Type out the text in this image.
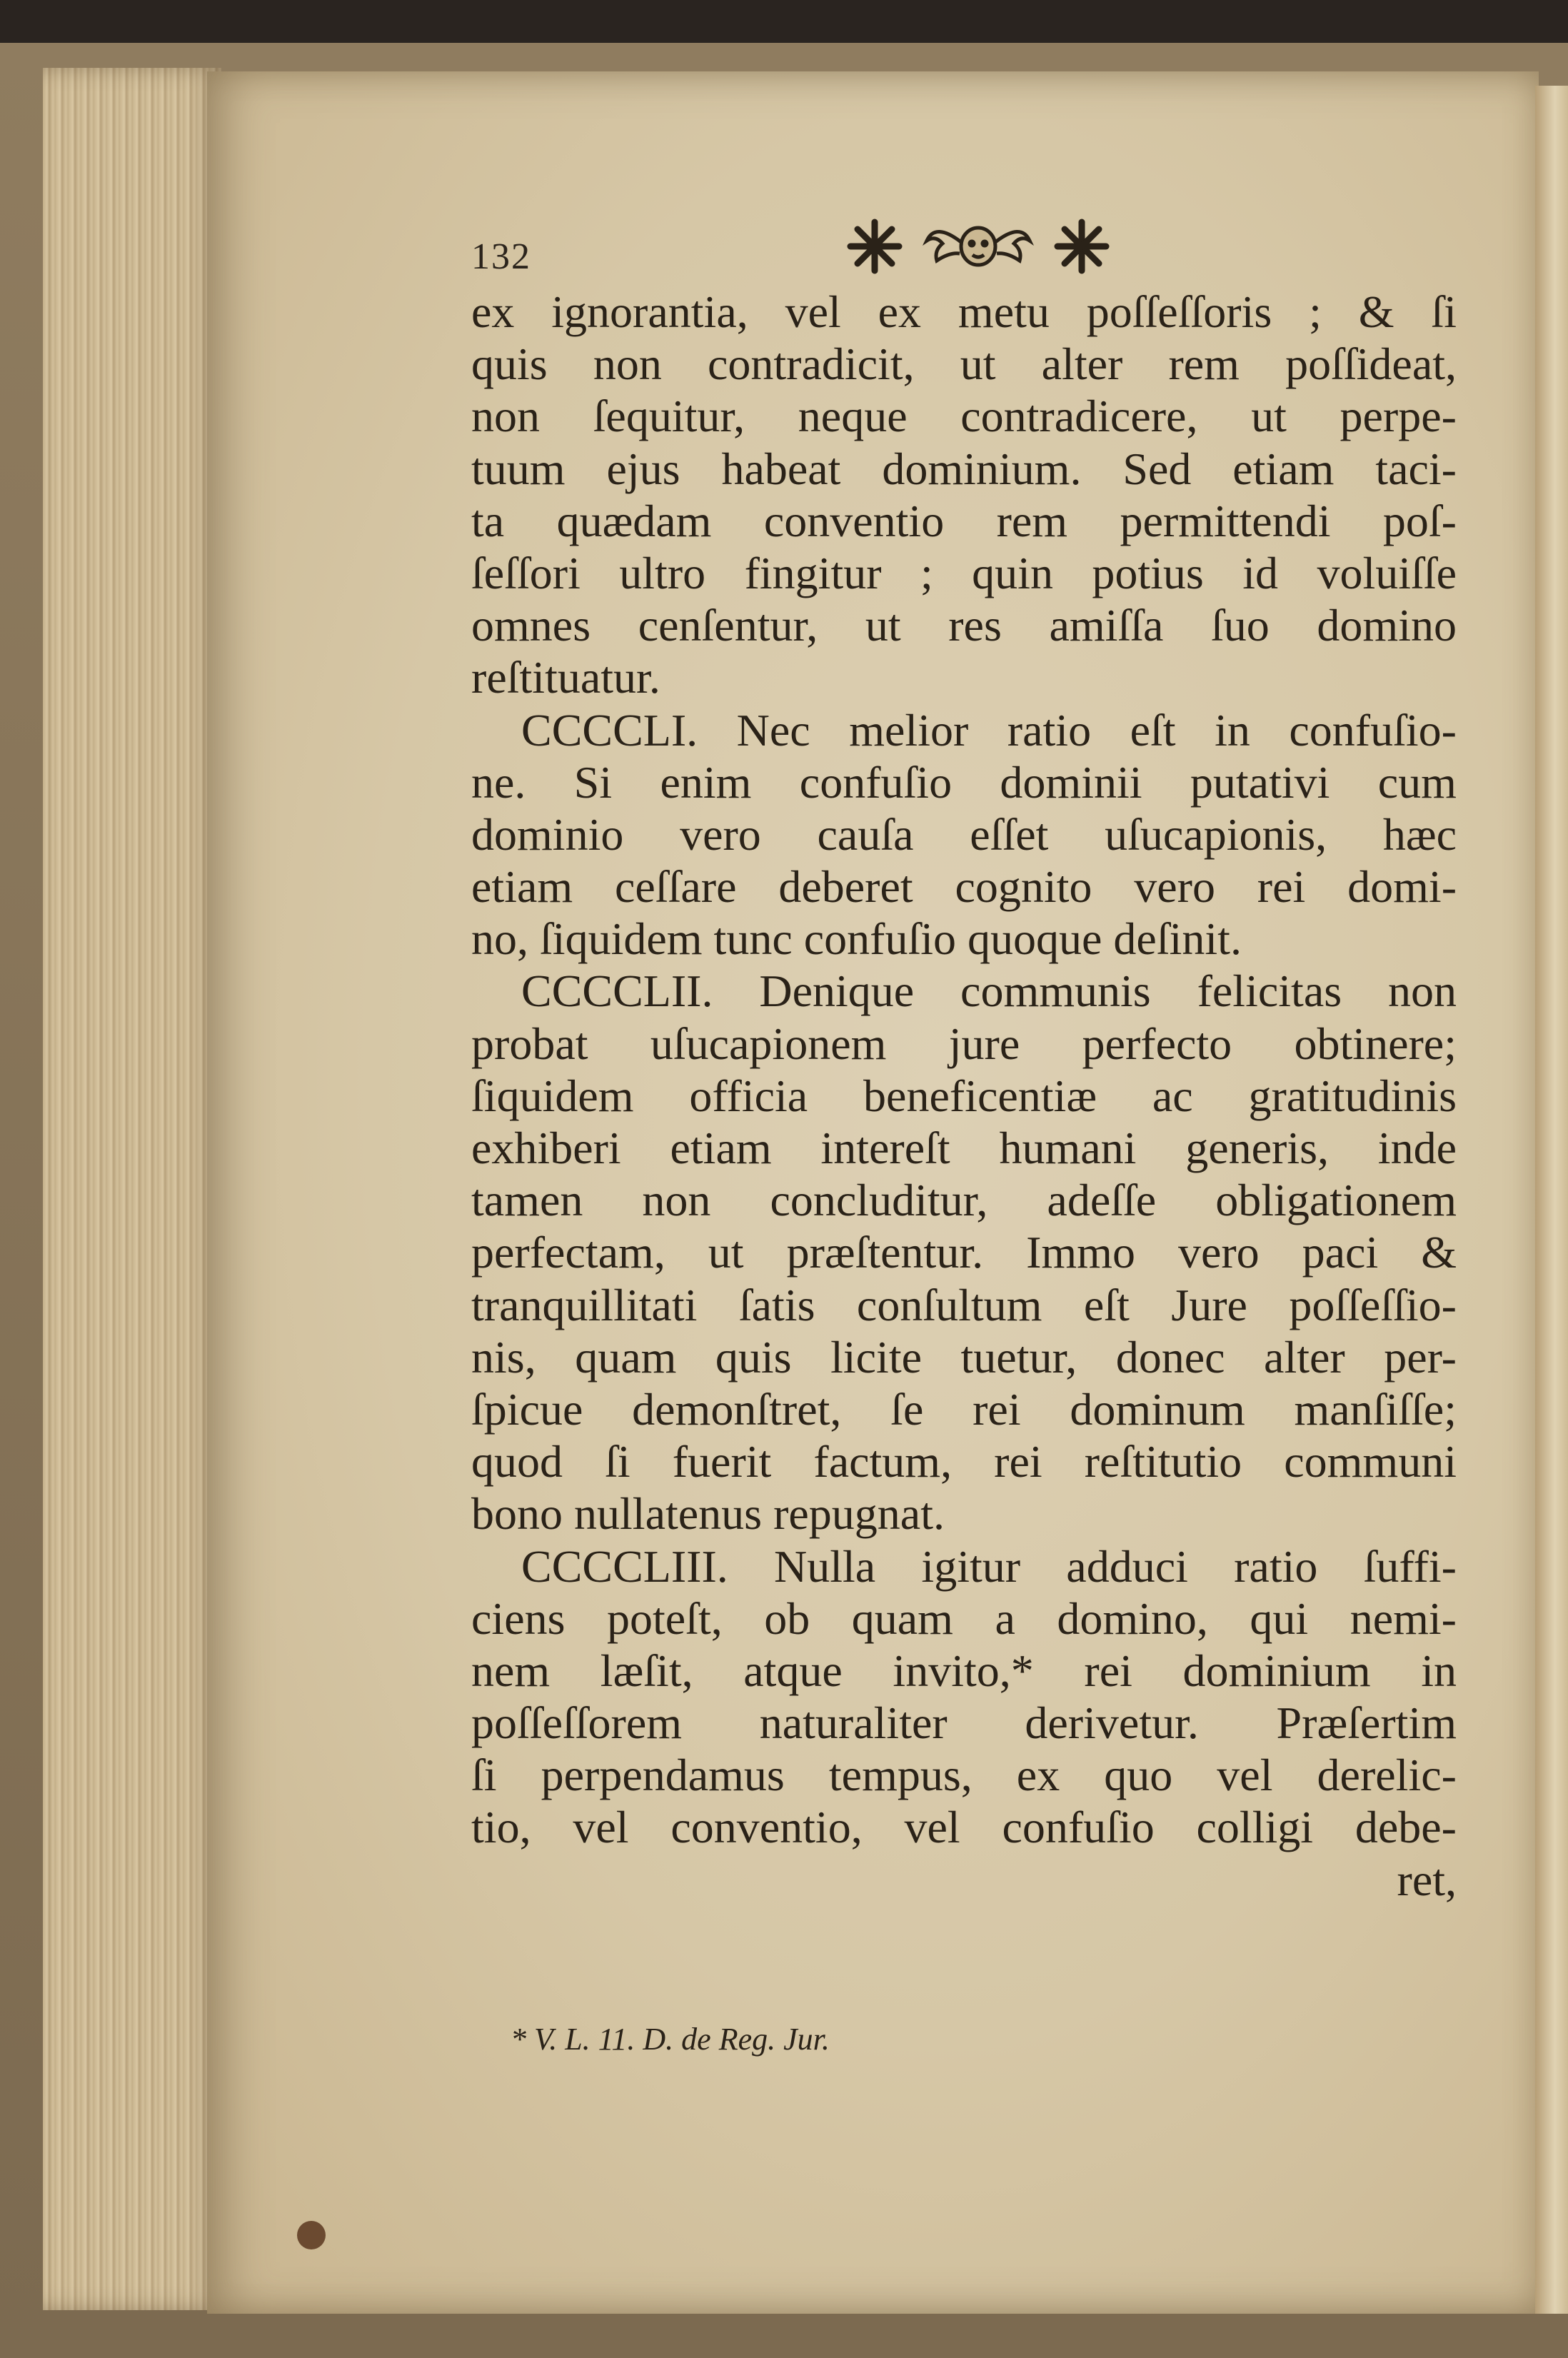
132
ex ignorantia, vel ex metu poſſeſſoris ; & ſi
quis non contradicit, ut alter rem poſſideat,
non ſequitur, neque contradicere, ut perpe-
tuum ejus habeat dominium. Sed etiam taci-
ta quædam conventio rem permittendi poſ-
ſeſſori ultro fingitur ; quin potius id voluiſſe
omnes cenſentur, ut res amiſſa ſuo domino
reſtituatur.
CCCCLI. Nec melior ratio eſt in confuſio-
ne. Si enim confuſio dominii putativi cum
dominio vero cauſa eſſet uſucapionis, hæc
etiam ceſſare deberet cognito vero rei domi-
no, ſiquidem tunc confuſio quoque deſinit.
CCCCLII. Denique communis felicitas non
probat uſucapionem jure perfecto obtinere;
ſiquidem officia beneficentiæ ac gratitudinis
exhiberi etiam intereſt humani generis, inde
tamen non concluditur, adeſſe obligationem
perfectam, ut præſtentur. Immo vero paci &
tranquillitati ſatis conſultum eſt Jure poſſeſſio-
nis, quam quis licite tuetur, donec alter per-
ſpicue demonſtret, ſe rei dominum manſiſſe;
quod ſi fuerit factum, rei reſtitutio communi
bono nullatenus repugnat.
CCCCLIII. Nulla igitur adduci ratio ſuffi-
ciens poteſt, ob quam a domino, qui nemi-
nem læſit, atque invito,* rei dominium in
poſſeſſorem naturaliter derivetur. Præſertim
ſi perpendamus tempus, ex quo vel derelic-
tio, vel conventio, vel confuſio colligi debe-
ret,
* V. L. 11. D. de Reg. Jur.
